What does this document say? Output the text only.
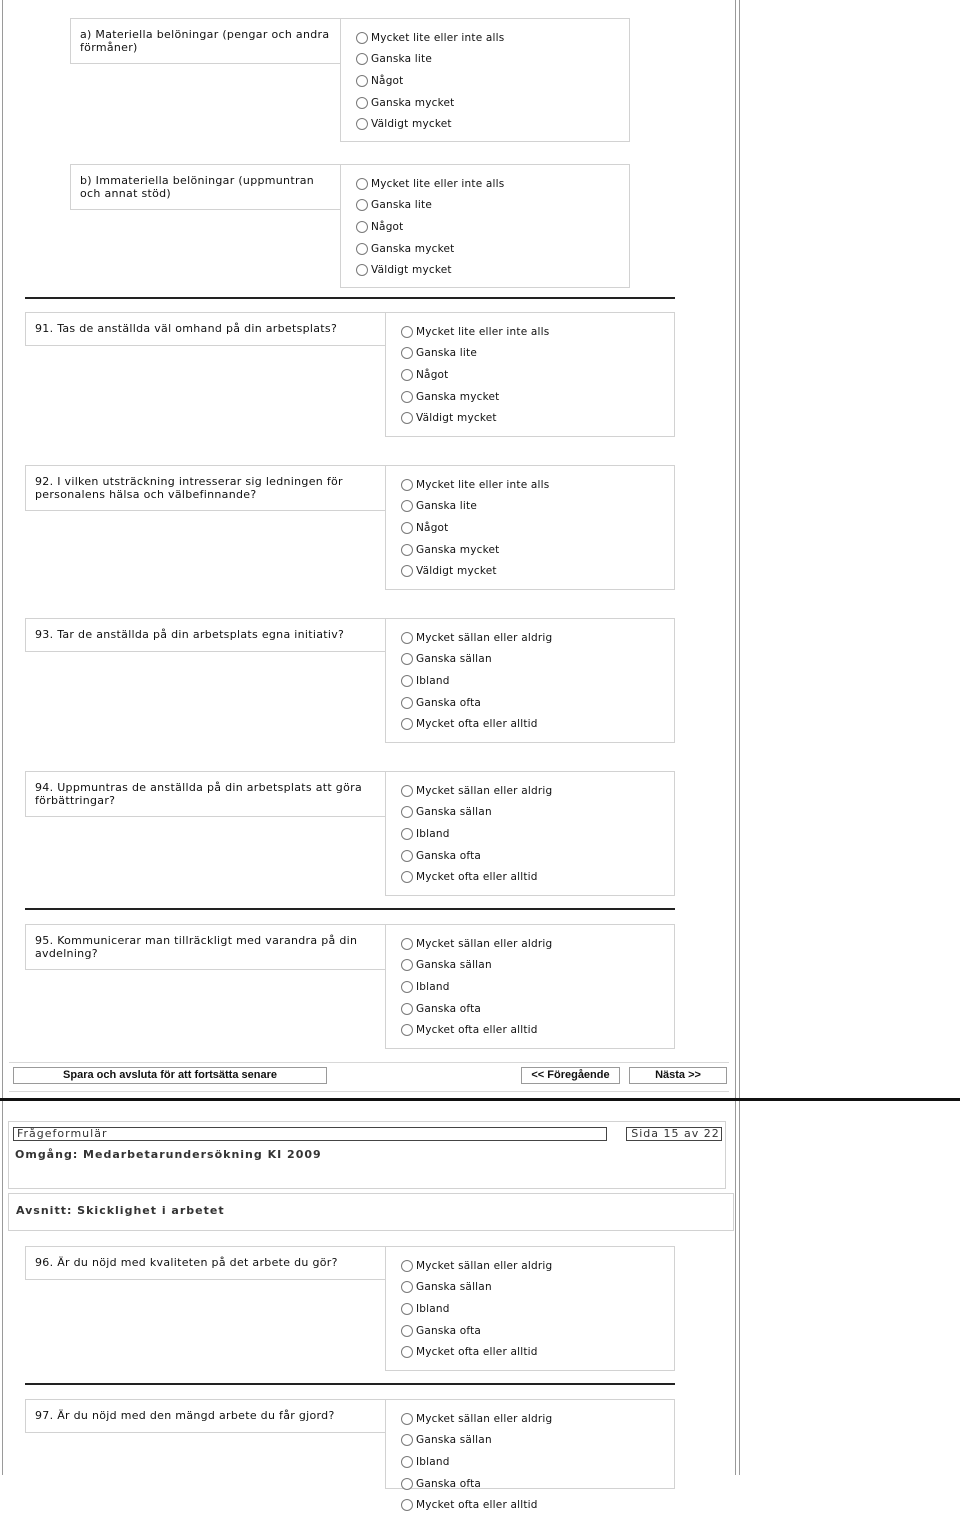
a) Materiella belöningar (pengar och andra förmåner)
Mycket lite eller inte alls
Ganska lite
Något
Ganska mycket
Väldigt mycket
b) Immateriella belöningar (uppmuntran och annat stöd)
Mycket lite eller inte alls
Ganska lite
Något
Ganska mycket
Väldigt mycket
91. Tas de anställda väl omhand på din arbetsplats?	Mycket lite eller inte alls
Ganska lite
Något
Ganska mycket
Väldigt mycket
92. I vilken utsträckning intresserar sig ledningen för personalens hälsa och välbefinnande?
Mycket lite eller inte alls
Ganska lite
Något
Ganska mycket
Väldigt mycket
93. Tar de anställda på din arbetsplats egna initiativ?	Mycket sällan eller aldrig
Ganska sällan
Ibland
Ganska ofta
Mycket ofta eller alltid
94. Uppmuntras de anställda på din arbetsplats att göra förbättringar?
Mycket sällan eller aldrig
Ganska sällan
Ibland
Ganska ofta
Mycket ofta eller alltid
95. Kommunicerar man tillräckligt med varandra på din avdelning?
Mycket sällan eller aldrig
Ganska sällan
Ibland
Ganska ofta
Mycket ofta eller alltid
Spara och avsluta för att fortsätta senare	<< Föregående	Nästa >>
Frågeformulär	Sida 15 av 22
Omgång: Medarbetarundersökning KI 2009
Avsnitt: Skicklighet i arbetet
96. Är du nöjd med kvaliteten på det arbete du gör?	Mycket sällan eller aldrig
Ganska sällan
Ibland
Ganska ofta
Mycket ofta eller alltid
97. Är du nöjd med den mängd arbete du får gjord?	Mycket sällan eller aldrig
Ganska sällan
Ibland
Ganska ofta
Mycket ofta eller alltid
